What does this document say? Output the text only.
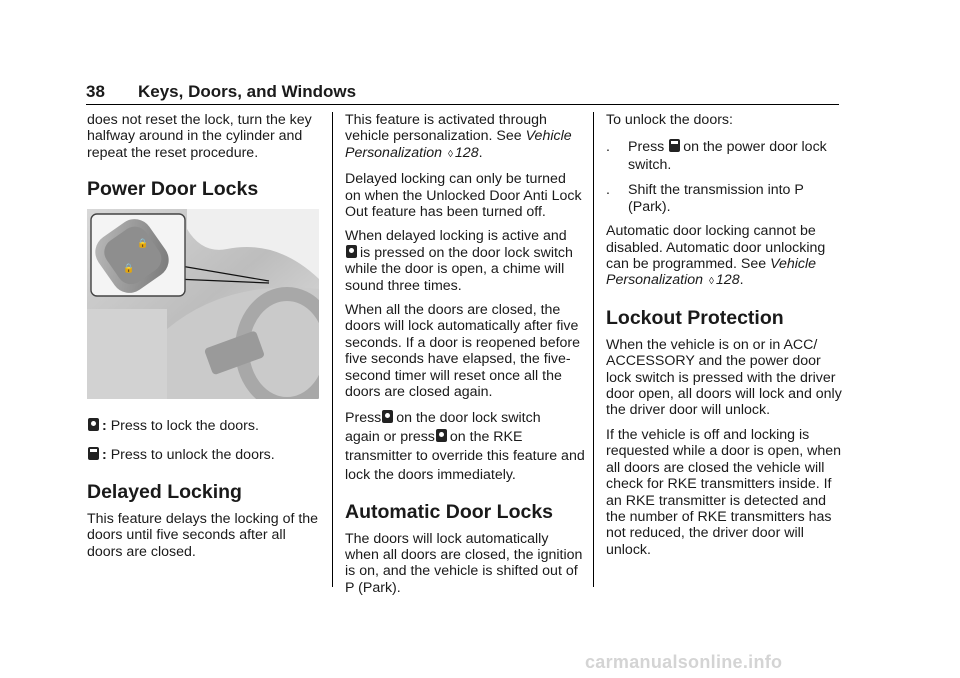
38 Keys, Doors, and Windows

does not reset the lock, turn the key halfway around in the cylinder and repeat the reset procedure.

Power Door Locks

: Press to lock the doors.

: Press to unlock the doors.

Delayed Locking

This feature delays the locking of the doors until five seconds after all doors are closed.

🔒
🔒

This feature is activated through vehicle personalization. See Vehicle Personalization ◊ 128.

Delayed locking can only be turned on when the Unlocked Door Anti Lock Out feature has been turned off.

When delayed locking is active and is pressed on the door lock switch while the door is open, a chime will sound three times.

When all the doors are closed, the doors will lock automatically after five seconds. If a door is reopened before five seconds have elapsed, the five-second timer will reset once all the doors are closed again.

Press on the door lock switch
again or press on the RKE
transmitter to override this feature and lock the doors immediately.

Automatic Door Locks

The doors will lock automatically when all doors are closed, the ignition is on, and the vehicle is shifted out of P (Park).

To unlock the doors:

. Press on the power door lock switch.

. Shift the transmission into P (Park).

Automatic door locking cannot be disabled. Automatic door unlocking can be programmed. See Vehicle Personalization ◊ 128.

Lockout Protection

When the vehicle is on or in ACC/ ACCESSORY and the power door lock switch is pressed with the driver door open, all doors will lock and only the driver door will unlock.

If the vehicle is off and locking is requested while a door is open, when all doors are closed the vehicle will check for RKE transmitters inside. If an RKE transmitter is detected and the number of RKE transmitters has not reduced, the driver door will unlock.

carmanualsonline.info
